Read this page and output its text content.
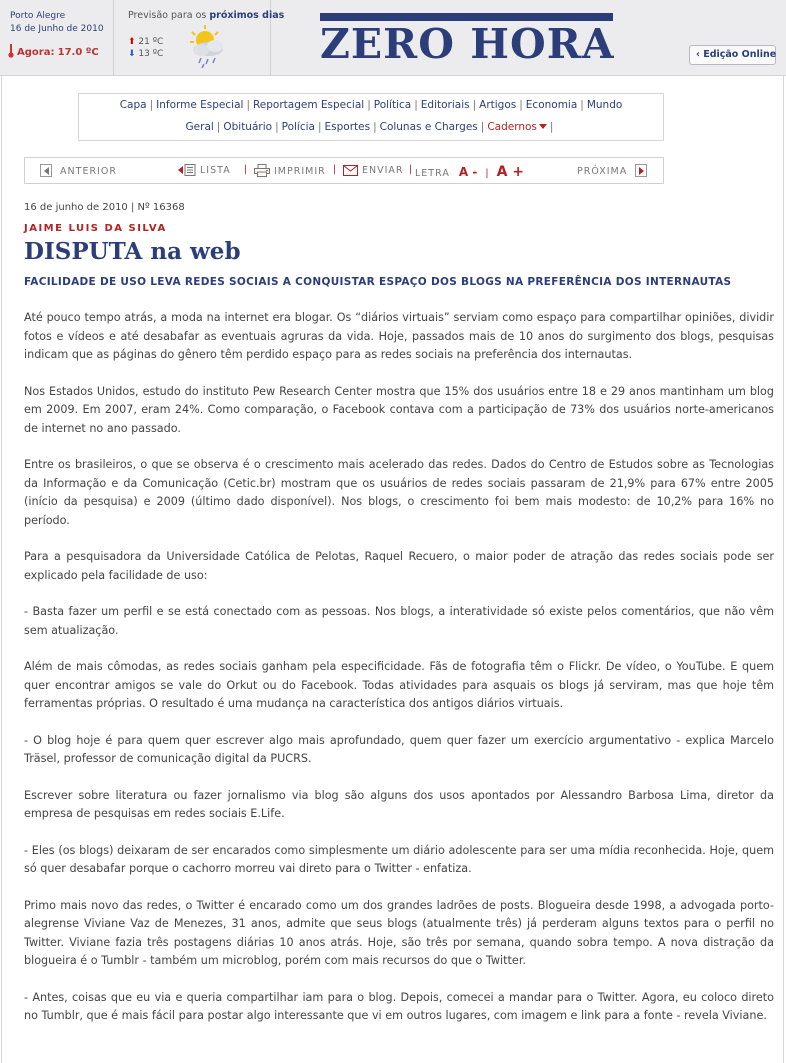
Porto Alegre
16 de Junho de 2010
Agora: 17.0 ºC
Previsão para os próximos dias
⬆ 21 ºC
⬇ 13 ºC	ZERO HORA	‹ Edição Online
Capa | Informe Especial | Reportagem Especial | Política | Editoriais | Artigos | Economia | Mundo
Geral | Obituário | Polícia | Esportes | Colunas e Charges | Cadernos |
ANTERIOR	LISTA |	IMPRIMIR |	ENVIAR | LETRA A - | A +	PRÓXIMA
16 de junho de 2010 | Nº 16368
JAIME LUIS DA SILVA
DISPUTA na web
FACILIDADE DE USO LEVA REDES SOCIAIS A CONQUISTAR ESPAÇO DOS BLOGS NA PREFERÊNCIA DOS INTERNAUTAS

Até pouco tempo atrás, a moda na internet era blogar. Os “diários virtuais” serviam como espaço para compartilhar opiniões, dividir fotos e vídeos e até desabafar as eventuais agruras da vida. Hoje, passados mais de 10 anos do surgimento dos blogs, pesquisas indicam que as páginas do gênero têm perdido espaço para as redes sociais na preferência dos internautas.

Nos Estados Unidos, estudo do instituto Pew Research Center mostra que 15% dos usuários entre 18 e 29 anos mantinham um blog em 2009. Em 2007, eram 24%. Como comparação, o Facebook contava com a participação de 73% dos usuários norte-americanos de internet no ano passado.

Entre os brasileiros, o que se observa é o crescimento mais acelerado das redes. Dados do Centro de Estudos sobre as Tecnologias da Informação e da Comunicação (Cetic.br) mostram que os usuários de redes sociais passaram de 21,9% para 67% entre 2005 (início da pesquisa) e 2009 (último dado disponível). Nos blogs, o crescimento foi bem mais modesto: de 10,2% para 16% no período.

Para a pesquisadora da Universidade Católica de Pelotas, Raquel Recuero, o maior poder de atração das redes sociais pode ser explicado pela facilidade de uso:

- Basta fazer um perfil e se está conectado com as pessoas. Nos blogs, a interatividade só existe pelos comentários, que não vêm sem atualização.

Além de mais cômodas, as redes sociais ganham pela especificidade. Fãs de fotografia têm o Flickr. De vídeo, o YouTube. E quem quer encontrar amigos se vale do Orkut ou do Facebook. Todas atividades para asquais os blogs já serviram, mas que hoje têm ferramentas próprias. O resultado é uma mudança na característica dos antigos diários virtuais.

- O blog hoje é para quem quer escrever algo mais aprofundado, quem quer fazer um exercício argumentativo - explica Marcelo Träsel, professor de comunicação digital da PUCRS.

Escrever sobre literatura ou fazer jornalismo via blog são alguns dos usos apontados por Alessandro Barbosa Lima, diretor da empresa de pesquisas em redes sociais E.Life.

- Eles (os blogs) deixaram de ser encarados como simplesmente um diário adolescente para ser uma mídia reconhecida. Hoje, quem só quer desabafar porque o cachorro morreu vai direto para o Twitter - enfatiza.

Primo mais novo das redes, o Twitter é encarado como um dos grandes ladrões de posts. Blogueira desde 1998, a advogada porto-alegrense Viviane Vaz de Menezes, 31 anos, admite que seus blogs (atualmente três) já perderam alguns textos para o perfil no Twitter. Viviane fazia três postagens diárias 10 anos atrás. Hoje, são três por semana, quando sobra tempo. A nova distração da blogueira é o Tumblr - também um microblog, porém com mais recursos do que o Twitter.

- Antes, coisas que eu via e queria compartilhar iam para o blog. Depois, comecei a mandar para o Twitter. Agora, eu coloco direto no Tumblr, que é mais fácil para postar algo interessante que vi em outros lugares, com imagem e link para a fonte - revela Viviane.
